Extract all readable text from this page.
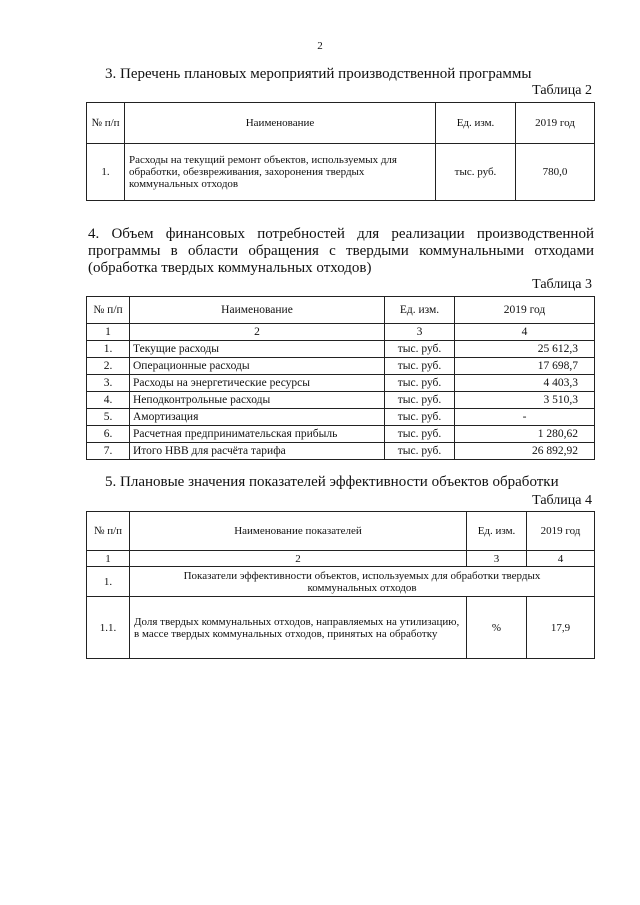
2
3. Перечень плановых мероприятий производственной программы
Таблица 2
№ п/п	Наименование	Ед. изм.	2019 год
1.	Расходы на текущий ремонт объектов, используемых для обработки, обезвреживания, захоронения твердых коммунальных отходов	тыс. руб.	780,0
4. Объем финансовых потребностей для реализации производственной программы в области обращения с твердыми коммунальными отходами (обработка твердых коммунальных отходов)
Таблица 3
№ п/п	Наименование	Ед. изм.	2019 год
1	2	3	4
1.	Текущие расходы	тыс. руб.	25 612,3
2.	Операционные расходы	тыс. руб.	17 698,7
3.	Расходы на энергетические ресурсы	тыс. руб.	4 403,3
4.	Неподконтрольные расходы	тыс. руб.	3 510,3
5.	Амортизация	тыс. руб.	-
6.	Расчетная предпринимательская прибыль	тыс. руб.	1 280,62
7.	Итого НВВ для расчёта тарифа	тыс. руб.	26 892,92
5. Плановые значения показателей эффективности объектов обработки
Таблица 4
№ п/п	Наименование показателей	Ед. изм.	2019 год
1	2	3	4
1.	Показатели эффективности объектов, используемых для обработки твердых коммунальных отходов		
1.1.	Доля твердых коммунальных отходов, направляемых на утилизацию, в массе твердых коммунальных отходов, принятых на обработку	%	17,9
